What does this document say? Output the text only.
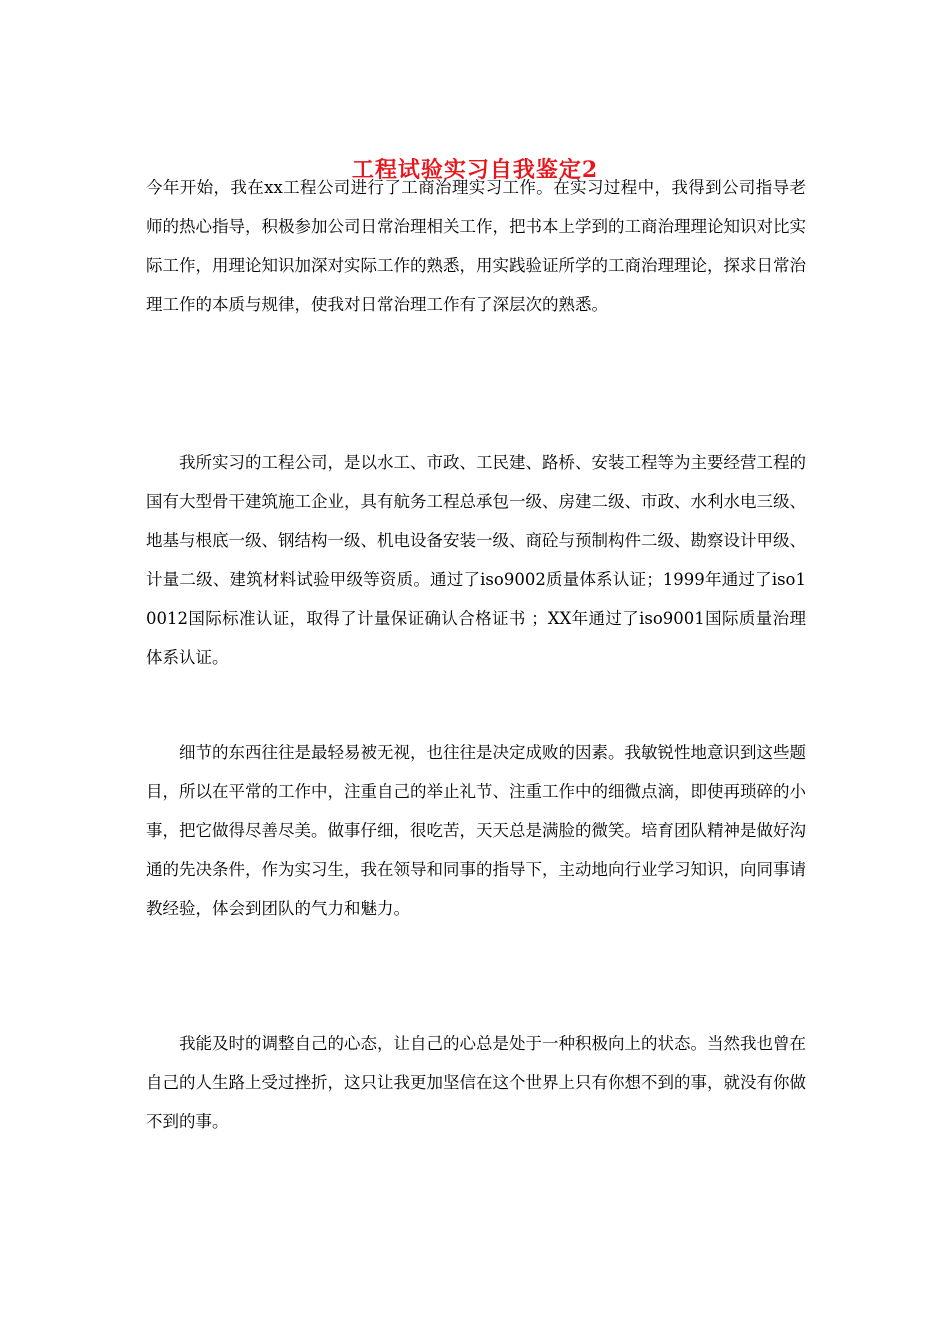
工程试验实习自我鉴定2

今年开始，我在xx工程公司进行了工商治理实习工作。在实习过程中，我得到公司指导老师的热心指导，积极参加公司日常治理相关工作，把书本上学到的工商治理理论知识对比实际工作，用理论知识加深对实际工作的熟悉，用实践验证所学的工商治理理论，探求日常治理工作的本质与规律，使我对日常治理工作有了深层次的熟悉。

我所实习的工程公司，是以水工、市政、工民建、路桥、安装工程等为主要经营工程的国有大型骨干建筑施工企业，具有航务工程总承包一级、房建二级、市政、水利水电三级、地基与根底一级、钢结构一级、机电设备安装一级、商砼与预制构件二级、勘察设计甲级、计量二级、建筑材料试验甲级等资质。通过了iso9002质量体系认证；1999年通过了iso10012国际标准认证，取得了计量保证确认合格证书 ；XX年通过了iso9001国际质量治理体系认证。

细节的东西往往是最轻易被无视，也往往是决定成败的因素。我敏锐性地意识到这些题目，所以在平常的工作中，注重自己的举止礼节、注重工作中的细微点滴，即使再琐碎的小事，把它做得尽善尽美。做事仔细，很吃苦，天天总是满脸的微笑。培育团队精神是做好沟通的先决条件，作为实习生，我在领导和同事的指导下，主动地向行业学习知识，向同事请教经验，体会到团队的气力和魅力。

我能及时的调整自己的心态，让自己的心总是处于一种积极向上的状态。当然我也曾在自己的人生路上受过挫折，这只让我更加坚信在这个世界上只有你想不到的事，就没有你做不到的事。
